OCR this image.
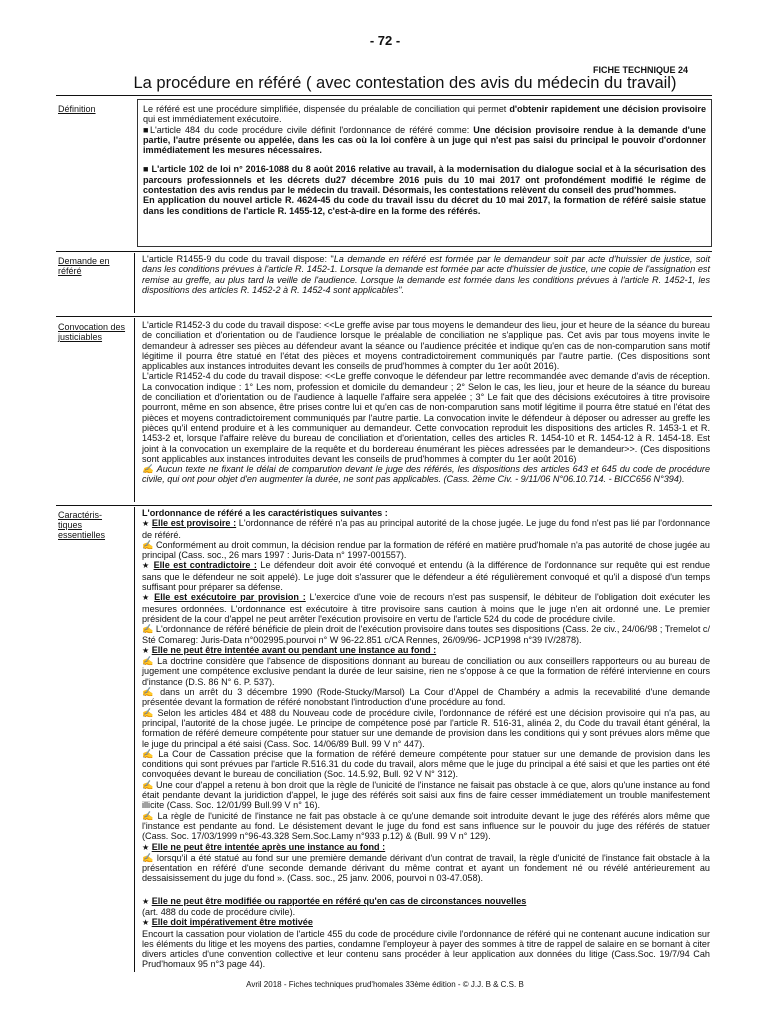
- 72 -
FICHE TECHNIQUE 24
La procédure en référé ( avec contestation des avis du médecin du travail)
Définition	Le référé est une procédure simplifiée, dispensée du préalable de conciliation qui permet d'obtenir rapidement une décision provisoire qui est immédiatement exécutoire.

■L'article 484 du code procédure civile définit l'ordonnance de référé comme: Une décision provisoire rendue à la demande d'une partie, l'autre présente ou appelée, dans les cas où la loi confère à un juge qui n'est pas saisi du principal le pouvoir d'ordonner immédiatement les mesures nécessaires.

■ L'article 102 de loi n° 2016-1088 du 8 août 2016 relative au travail, à la modernisation du dialogue social et à la sécurisation des parcours professionnels et les décrets du27 décembre 2016 puis du 10 mai 2017 ont profondément modifié le régime de contestation des avis rendus par le médecin du travail. Désormais, les contestations relèvent du conseil des prud'hommes.

En application du nouvel article R. 4624-45 du code du travail issu du décret du 10 mai 2017, la formation de référé saisie statue dans les conditions de l'article R. 1455-12, c'est-à-dire en la forme des référés.

Demande en référé

L'article R1455-9 du code du travail dispose: "La demande en référé est formée par le demandeur soit par acte d'huissier de justice, soit dans les conditions prévues à l'article R. 1452-1. Lorsque la demande est formée par acte d'huissier de justice, une copie de l'assignation est remise au greffe, au plus tard la veille de l'audience. Lorsque la demande est formée dans les conditions prévues à l'article R. 1452-1, les dispositions des articles R. 1452-2 à R. 1452-4 sont applicables".

Convocation des justiciables

L'article R1452-3 du code du travail dispose: <<Le greffe avise par tous moyens le demandeur des lieu, jour et heure de la séance du bureau de conciliation et d'orientation ou de l'audience lorsque le préalable de conciliation ne s'applique pas. Cet avis par tous moyens invite le demandeur à adresser ses pièces au défendeur avant la séance ou l'audience précitée et indique qu'en cas de non-comparution sans motif légitime il pourra être statué en l'état des pièces et moyens contradictoirement communiqués par l'autre partie. (Ces dispositions sont applicables aux instances introduites devant les conseils de prud'hommes à compter du 1er août 2016).

L'article R1452-4 du code du travail dispose: <<Le greffe convoque le défendeur par lettre recommandée avec demande d'avis de réception. La convocation indique : 1° Les nom, profession et domicile du demandeur ; 2° Selon le cas, les lieu, jour et heure de la séance du bureau de conciliation et d'orientation ou de l'audience à laquelle l'affaire sera appelée ; 3° Le fait que des décisions exécutoires à titre provisoire pourront, même en son absence, être prises contre lui et qu'en cas de non-comparution sans motif légitime il pourra être statué en l'état des pièces et moyens contradictoirement communiqués par l'autre partie. La convocation invite le défendeur à déposer ou adresser au greffe les pièces qu'il entend produire et à les communiquer au demandeur. Cette convocation reproduit les dispositions des articles R. 1453-1 et R. 1453-2 et, lorsque l'affaire relève du bureau de conciliation et d'orientation, celles des articles R. 1454-10 et R. 1454-12 à R. 1454-18. Est joint à la convocation un exemplaire de la requête et du bordereau énumérant les pièces adressées par le demandeur>>. (Ces dispositions sont applicables aux instances introduites devant les conseils de prud'hommes à compter du 1er août 2016)

✍ Aucun texte ne fixant le délai de comparution devant le juge des référés, les dispositions des articles 643 et 645 du code de procédure civile, qui ont pour objet d'en augmenter la durée, ne sont pas applicables. (Cass. 2ème Civ. - 9/11/06 N°06.10.714. - BICC656 N°394).

Caractéris-tiques essentielles

L'ordonnance de référé a les caractéristiques suivantes :

★ Elle est provisoire : L'ordonnance de référé n'a pas au principal autorité de la chose jugée. Le juge du fond n'est pas lié par l'ordonnance de référé.

✍ Conformément au droit commun, la décision rendue par la formation de référé en matière prud'homale n'a pas autorité de chose jugée au principal (Cass. soc., 26 mars 1997 : Juris-Data n° 1997-001557).

★ Elle est contradictoire : Le défendeur doit avoir été convoqué et entendu (à la différence de l'ordonnance sur requête qui est rendue sans que le défendeur ne soit appelé). Le juge doit s'assurer que le défendeur a été régulièrement convoqué et qu'il a disposé d'un temps suffisant pour préparer sa défense.

★ Elle est exécutoire par provision : L'exercice d'une voie de recours n'est pas suspensif, le débiteur de l'obligation doit exécuter les mesures ordonnées. L'ordonnance est exécutoire à titre provisoire sans caution à moins que le juge n'en ait ordonné une. Le premier président de la cour d'appel ne peut arrêter l'exécution provisoire en vertu de l'article 524 du code de procédure civile.

✍ L'ordonnance de référé bénéficie de plein droit de l'exécution provisoire dans toutes ses dispositions (Cass. 2e civ., 24/06/98 ; Tremelot c/ Sté Comareg: Juris-Data n°002995.pourvoi n° W 96-22.851 c/CA Rennes, 26/09/96- JCP1998 n°39 IV/2878).

★ Elle ne peut être intentée avant ou pendant une instance au fond :

✍ La doctrine considère que l'absence de dispositions donnant au bureau de conciliation ou aux conseillers rapporteurs ou au bureau de jugement une compétence exclusive pendant la durée de leur saisine, rien ne s'oppose à ce que la formation de référé intervienne en cours d'instance (D.S. 86 N° 6. P. 537).

✍ dans un arrêt du 3 décembre 1990 (Rode-Stucky/Marsol) La Cour d'Appel de Chambéry a admis la recevabilité d'une demande présentée devant la formation de référé nonobstant l'introduction d'une procédure au fond.

✍ Selon les articles 484 et 488 du Nouveau code de procédure civile, l'ordonnance de référé est une décision provisoire qui n'a pas, au principal, l'autorité de la chose jugée. Le principe de compétence posé par l'article R. 516-31, alinéa 2, du Code du travail étant général, la formation de référé demeure compétente pour statuer sur une demande de provision dans les conditions qui y sont prévues alors même que le juge du principal a été saisi (Cass. Soc. 14/06/89 Bull. 99 V n° 447).

✍ La Cour de Cassation précise que la formation de référé demeure compétente pour statuer sur une demande de provision dans les conditions qui sont prévues par l'article R.516.31 du code du travail, alors même que le juge du principal a été saisi et que les parties ont été convoquées devant le bureau de conciliation (Soc. 14.5.92, Bull. 92 V N° 312).

✍ Une cour d'appel a retenu à bon droit que la règle de l'unicité de l'instance ne faisait pas obstacle à ce que, alors qu'une instance au fond était pendante devant la juridiction d'appel, le juge des référés soit saisi aux fins de faire cesser immédiatement un trouble manifestement illicite (Cass. Soc. 12/01/99 Bull.99 V n° 16).

✍ La règle de l'unicité de l'instance ne fait pas obstacle à ce qu'une demande soit introduite devant le juge des référés alors même que l'instance est pendante au fond. Le désistement devant le juge du fond est sans influence sur le pouvoir du juge des référés de statuer (Cass. Soc. 17/03/1999 n°96-43.328 Sem.Soc.Lamy n°933 p.12) & (Bull. 99 V n° 129).

★ Elle ne peut être intentée après une instance au fond :

✍ lorsqu'il a été statué au fond sur une première demande dérivant d'un contrat de travail, la règle d'unicité de l'instance fait obstacle à la présentation en référé d'une seconde demande dérivant du même contrat et ayant un fondement né ou révélé antérieurement au dessaisissement du juge du fond ». (Cass. soc., 25 janv. 2006, pourvoi n 03-47.058).

★ Elle ne peut être modifiée ou rapportée en référé qu'en cas de circonstances nouvelles

(art. 488 du code de procédure civile).

★ Elle doit impérativement être motivée

Encourt la cassation pour violation de l'article 455 du code de procédure civile l'ordonnance de référé qui ne contenant aucune indication sur les éléments du litige et les moyens des parties, condamne l'employeur à payer des sommes à titre de rappel de salaire en se bornant à citer divers articles d'une convention collective et leur contenu sans procéder à leur application aux données du litige (Cass.Soc. 19/7/94 Cah Prud'homaux 95 n°3 page 44).

Avril 2018 - Fiches techniques prud'homales 33ème édition - © J.J. B & C.S. B
